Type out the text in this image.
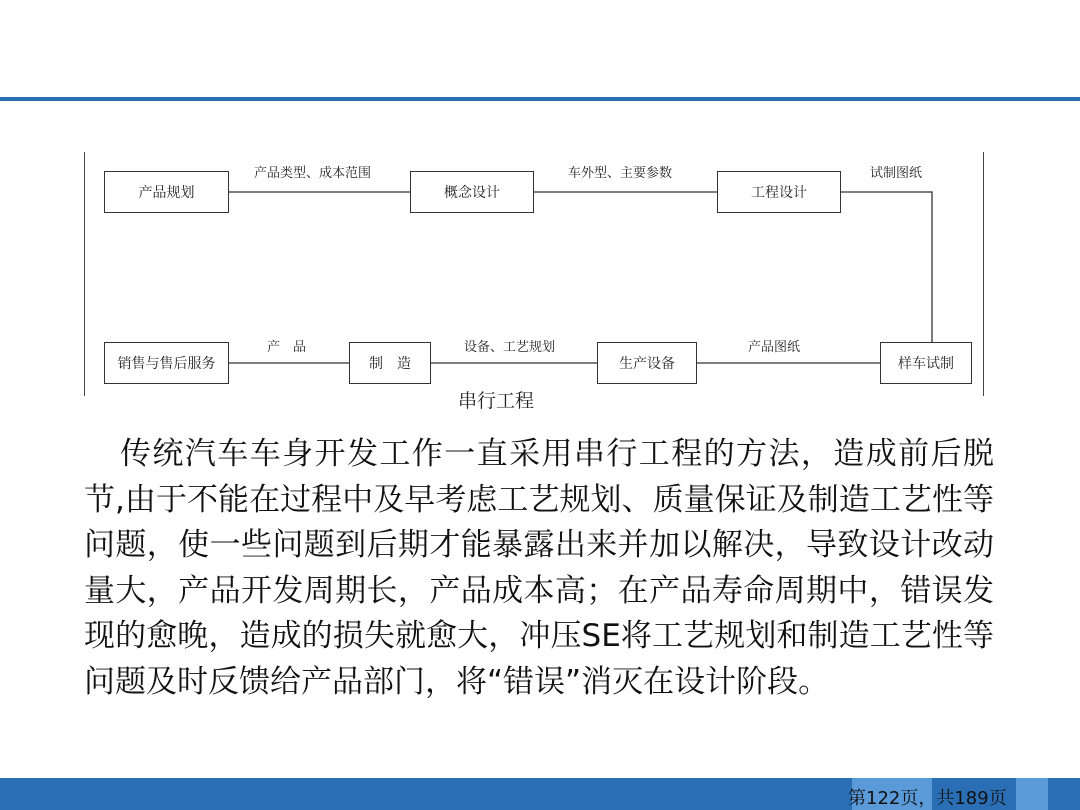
产品规划	概念设计	工程设计
销售与售后服务	制　造	生产设备	样车试制
产品类型、成本范围	车外型、主要参数	试制图纸
产　品	设备、工艺规划	产品图纸
串行工程

传统汽车车身开发工作一直采用串行工程的方法，造成前后脱节,由于不能在过程中及早考虑工艺规划、质量保证及制造工艺性等问题，使一些问题到后期才能暴露出来并加以解决，导致设计改动量大，产品开发周期长，产品成本高；在产品寿命周期中，错误发现的愈晚，造成的损失就愈大，冲压SE将工艺规划和制造工艺性等问题及时反馈给产品部门，将“错误”消灭在设计阶段。

第122页，共189页
